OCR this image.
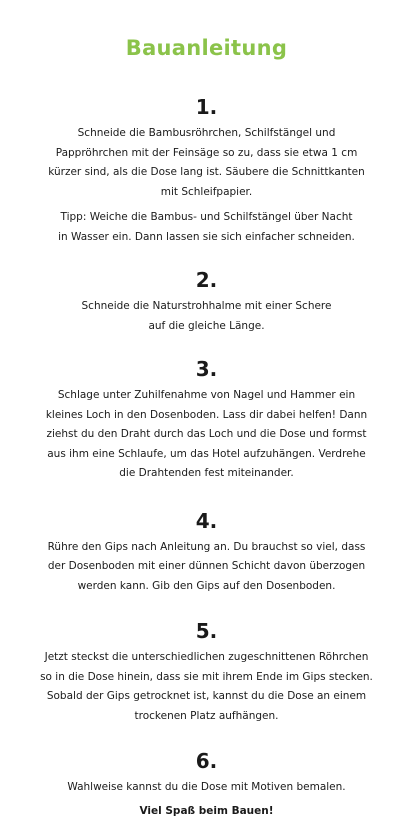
Bauanleitung
1.

Schneide die Bambusröhrchen, Schilfstängel und
Pappröhrchen mit der Feinsäge so zu, dass sie etwa 1 cm
kürzer sind, als die Dose lang ist. Säubere die Schnittkanten
mit Schleifpapier.

Tipp: Weiche die Bambus- und Schilfstängel über Nacht
in Wasser ein. Dann lassen sie sich einfacher schneiden.

2.

Schneide die Naturstrohhalme mit einer Schere
auf die gleiche Länge.

3.

Schlage unter Zuhilfenahme von Nagel und Hammer ein
kleines Loch in den Dosenboden. Lass dir dabei helfen! Dann
ziehst du den Draht durch das Loch und die Dose und formst
aus ihm eine Schlaufe, um das Hotel aufzuhängen. Verdrehe
die Drahtenden fest miteinander.

4.

Rühre den Gips nach Anleitung an. Du brauchst so viel, dass
der Dosenboden mit einer dünnen Schicht davon überzogen
werden kann. Gib den Gips auf den Dosenboden.

5.

Jetzt steckst die unterschiedlichen zugeschnittenen Röhrchen
so in die Dose hinein, dass sie mit ihrem Ende im Gips stecken.
Sobald der Gips getrocknet ist, kannst du die Dose an einem
trockenen Platz aufhängen.

6.

Wahlweise kannst du die Dose mit Motiven bemalen.

Viel Spaß beim Bauen!
